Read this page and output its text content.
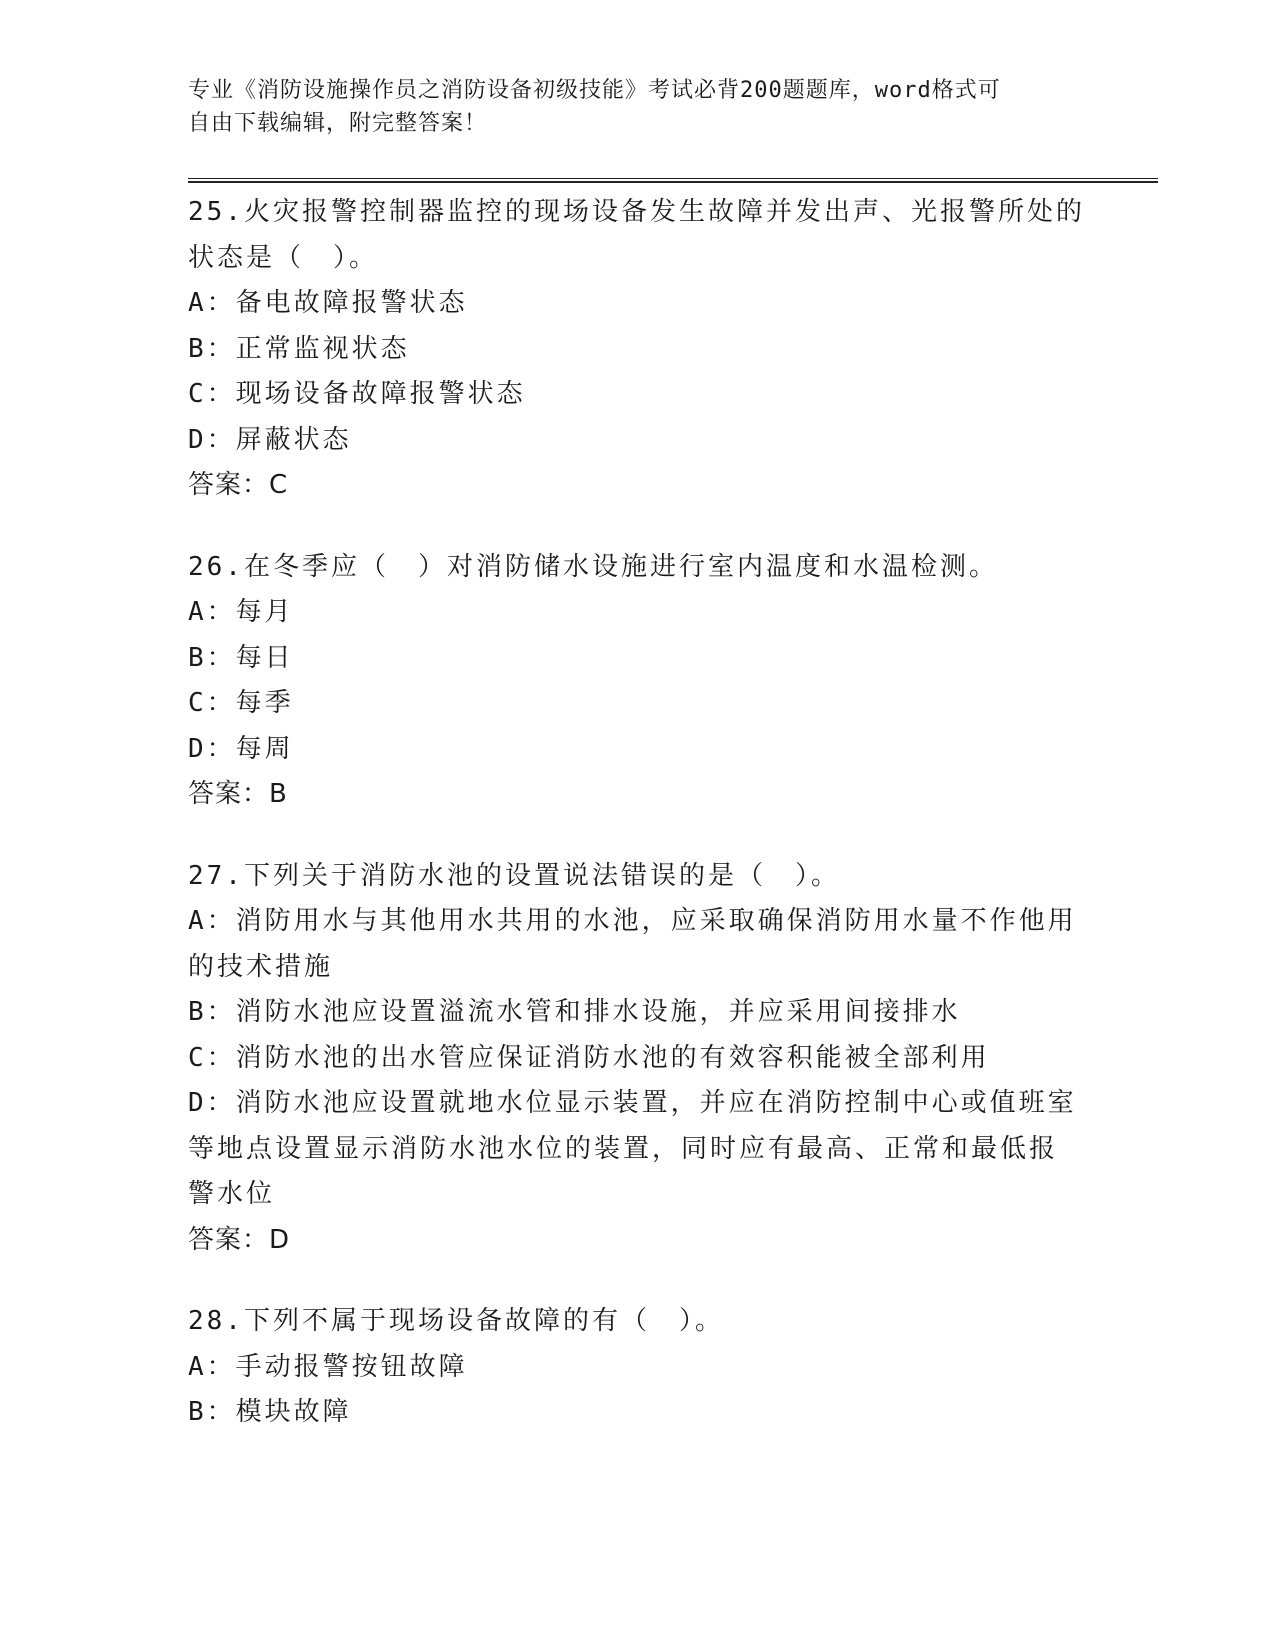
专业《消防设施操作员之消防设备初级技能》考试必背200题题库，word格式可
自由下载编辑，附完整答案！

25.火灾报警控制器监控的现场设备发生故障并发出声、光报警所处的

状态是（　）。

A：备电故障报警状态

B：正常监视状态

C：现场设备故障报警状态

D：屏蔽状态

答案：C

26.在冬季应（　）对消防储水设施进行室内温度和水温检测。

A：每月

B：每日

C：每季

D：每周

答案：B

27.下列关于消防水池的设置说法错误的是（　）。

A：消防用水与其他用水共用的水池，应采取确保消防用水量不作他用

的技术措施

B：消防水池应设置溢流水管和排水设施，并应采用间接排水

C：消防水池的出水管应保证消防水池的有效容积能被全部利用

D：消防水池应设置就地水位显示装置，并应在消防控制中心或值班室

等地点设置显示消防水池水位的装置，同时应有最高、正常和最低报

警水位

答案：D

28.下列不属于现场设备故障的有（　）。

A：手动报警按钮故障

B：模块故障
